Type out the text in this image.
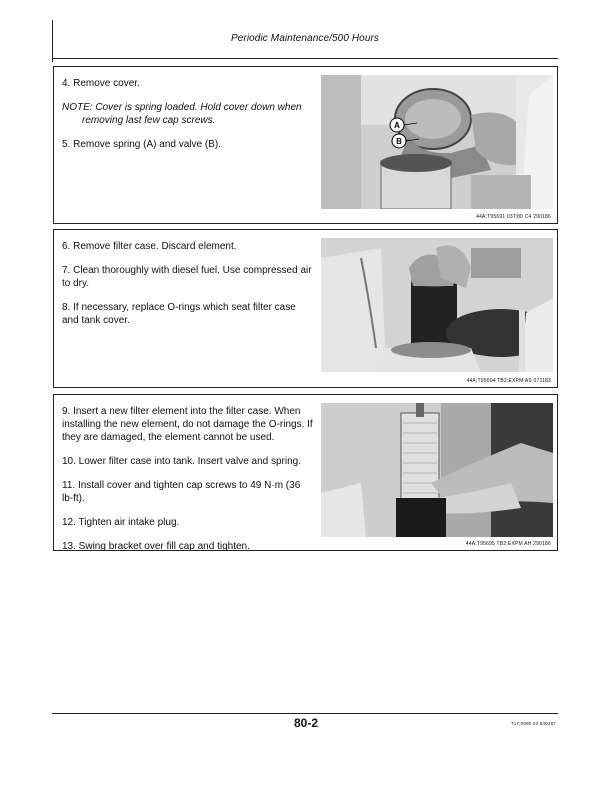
Periodic Maintenance/500 Hours

4. Remove cover.

NOTE: Cover is spring loaded. Hold cover down when
removing last few cap screws.

5. Remove spring (A) and valve (B).

A
B
44A;T95691 03T;80 C4 290186

6. Remove filter case. Discard element.

7. Clean thoroughly with diesel fuel. Use compressed air to dry.

8. If necessary, replace O-rings which seat filter case and tank cover.

44A;T95694 TB2;EXPM AS 071183

9. Insert a new filter element into the filter case. When installing the new element, do not damage the O-rings. If they are damaged, the element cannot be used.

10. Lower filter case into tank. Insert valve and spring.

11. Install cover and tighten cap screws to 49 N·m (36 lb-ft).

12. Tighten air intake plug.

13. Swing bracket over fill cap and tighten.	44A;T95695 TB2;EXPM AH 290186
80-2	T17;0080 03 940287
